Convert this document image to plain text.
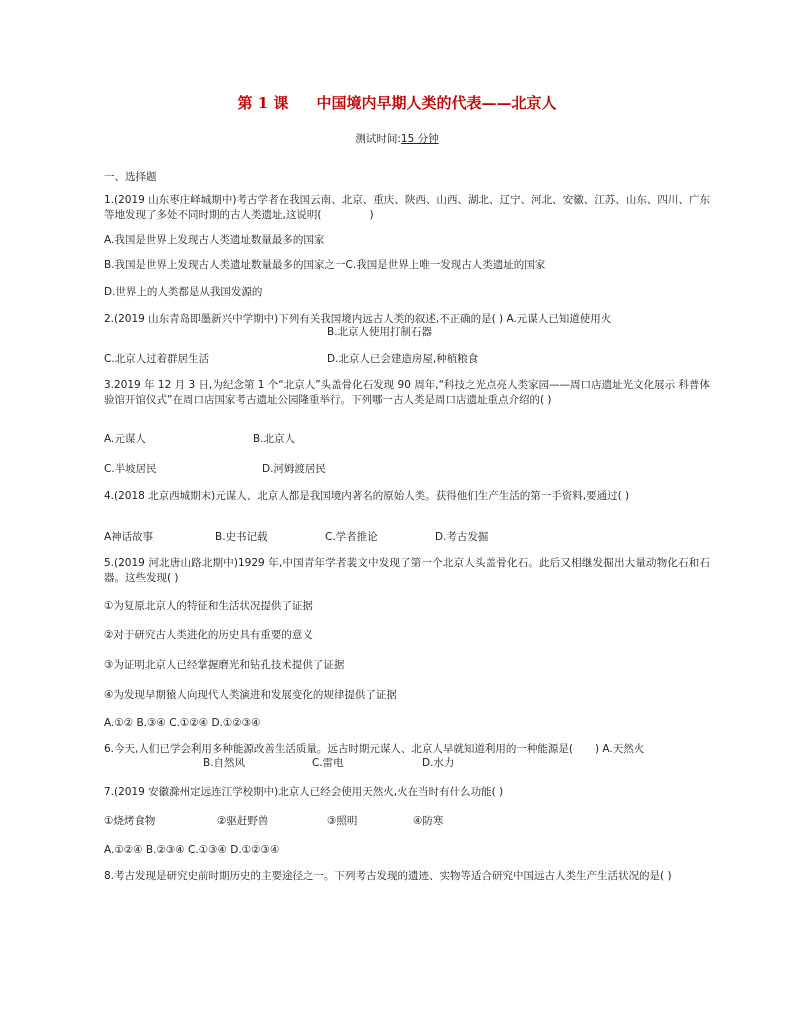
第 1 课 中国境内早期人类的代表——北京人
测试时间:15 分钟
一、选择题
1.(2019 山东枣庄峄城期中)考古学者在我国云南、北京、重庆、陕西、山西、湖北、辽宁、河北、安徽、江苏、山东、四川、广东等地发现了多处不同时期的古人类遗址,这说明(	)
A.我国是世界上发现古人类遗址数量最多的国家
B.我国是世界上发现古人类遗址数量最多的国家之一C.我国是世界上唯一发现古人类遗址的国家
D.世界上的人类都是从我国发源的
2.(2019 山东青岛即墨新兴中学期中)下列有关我国境内远古人类的叙述,不正确的是( ) A.元谋人已知道使用火
B.北京人使用打制石器
C.北京人过着群居生活	D.北京人已会建造房屋,种植粮食
3.2019 年 12 月 3 日,为纪念第 1 个“北京人”头盖骨化石发现 90 周年,“科技之光点亮人类家园——周口店遗址光文化展示 科普体验馆开馆仪式”在周口店国家考古遗址公园隆重举行。下列哪一古人类是周口店遗址重点介绍的( )
A.元谋人	B.北京人
C.半坡居民	D.河姆渡居民
4.(2018 北京西城期末)元谋人、北京人都是我国境内著名的原始人类。获得他们生产生活的第一手资料,要通过( )
A神话故事	B.史书记载	C.学者推论	D.考古发掘
5.(2019 河北唐山路北期中)1929 年,中国青年学者裴文中发现了第一个北京人头盖骨化石。此后又相继发掘出大量动物化石和石器。这些发现( )
①为复原北京人的特征和生活状况提供了证据
②对于研究古人类进化的历史具有重要的意义
③为证明北京人已经掌握磨光和钻孔技术提供了证据
④为发现早期猿人向现代人类演进和发展变化的规律提供了证据
A.①② B.③④ C.①②④ D.①②③④
6.今天,人们已学会利用多种能源改善生活质量。远古时期元谋人、北京人早就知道利用的一种能源是( ) A.天然火
B.自然风	C.雷电	D.水力
7.(2019 安徽滁州定远连江学校期中)北京人已经会使用天然火,火在当时有什么功能( )
①烧烤食物	②驱赶野兽	③照明	④防寒
A.①②④ B.②③④ C.①③④ D.①②③④
8.考古发现是研究史前时期历史的主要途径之一。下列考古发现的遗迹、实物等适合研究中国远古人类生产生活状况的是( )
